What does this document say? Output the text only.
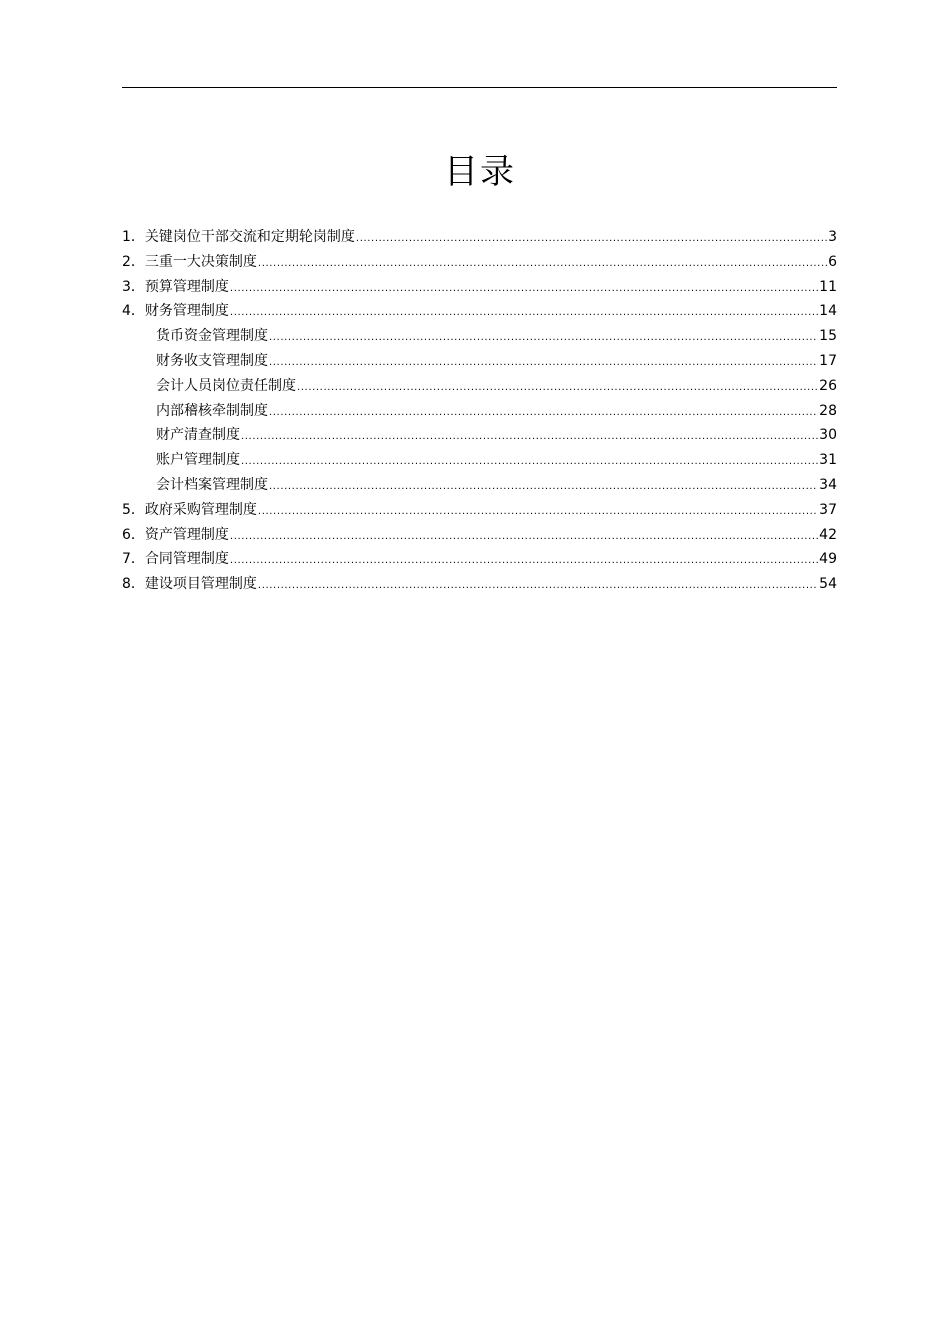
目录
1． 关键岗位干部交流和定期轮岗制度 .....	3
2． 三重一大决策制度 .....	6
3． 预算管理制度 .....	11
4． 财务管理制度 .....	14
货币资金管理制度 .....	15
财务收支管理制度 .....	17
会计人员岗位责任制度 .....	26
内部稽核牵制制度 .....	28
财产清查制度 .....	30
账户管理制度 .....	31
会计档案管理制度 .....	34
5． 政府采购管理制度 .....	37
6． 资产管理制度 .....	42
7． 合同管理制度 .....	49
8． 建设项目管理制度 .....	54
